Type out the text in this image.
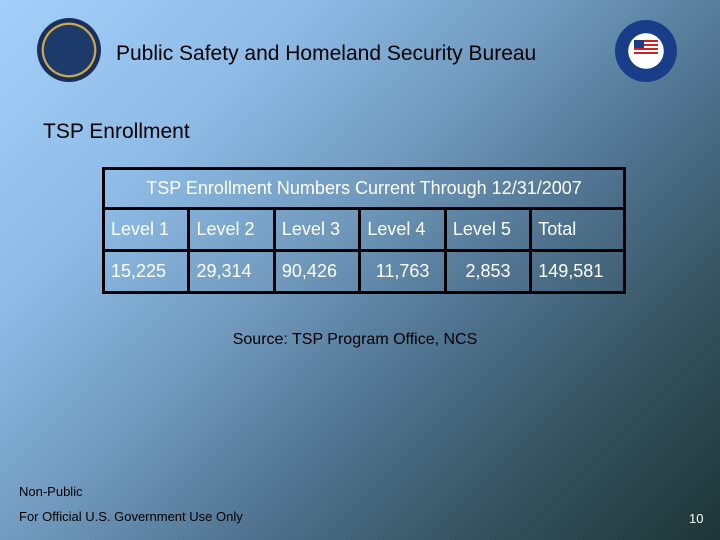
Public Safety and Homeland Security Bureau
TSP Enrollment
TSP Enrollment Numbers Current Through 12/31/2007					
Level 1	Level 2	Level 3	Level 4	Level 5	Total
15,225	29,314	90,426	11,763	2,853	149,581
Source: TSP Program Office, NCS
Non-Public
For Official U.S. Government Use Only	10
